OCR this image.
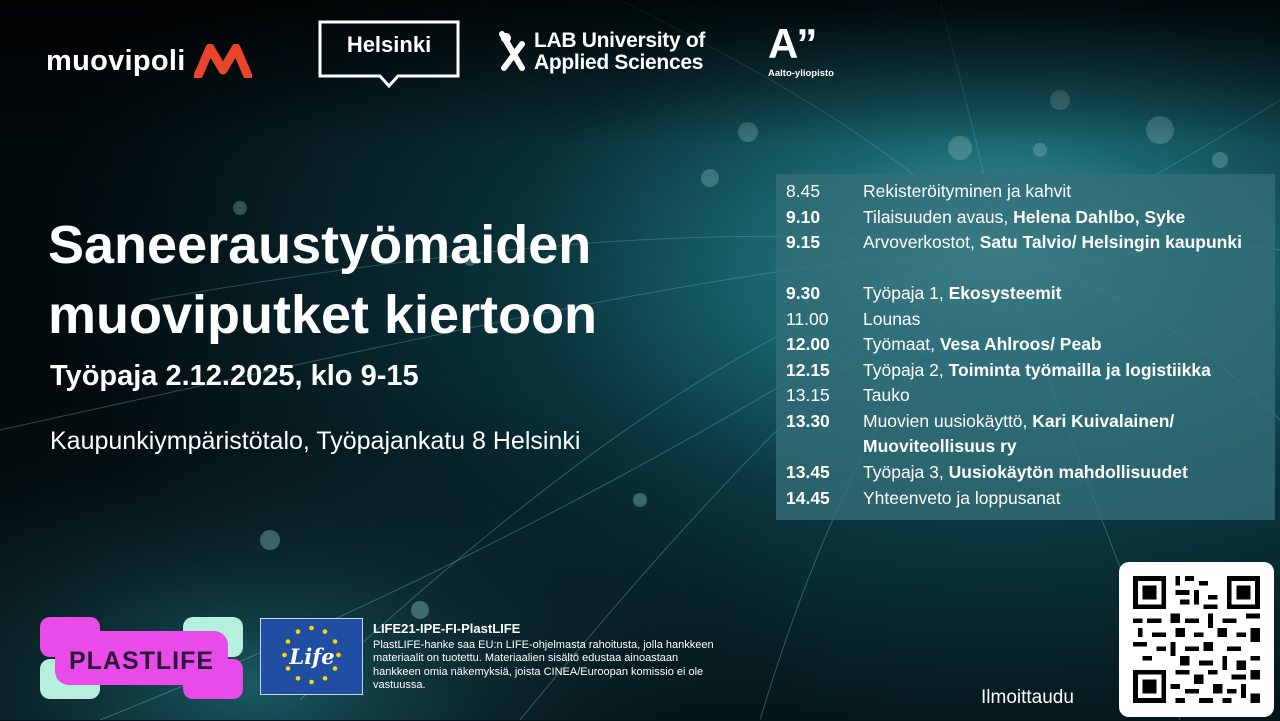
muovipoli	Helsinki	LAB University of
Applied Sciences A”
Aalto-yliopisto
Saneeraustyömaiden
muoviputket kiertoon
Työpaja 2.12.2025, klo 9-15

Kaupunkiympäristötalo, Työpajankatu 8 Helsinki

8.45 Rekisteröityminen ja kahvit
9.10 Tilaisuuden avaus, Helena Dahlbo, Syke
9.15 Arvoverkostot, Satu Talvio/ Helsingin kaupunki
9.30 Työpaja 1, Ekosysteemit
11.00 Lounas
12.00 Työmaat, Vesa Ahlroos/ Peab
12.15 Työpaja 2, Toiminta työmailla ja logistiikka
13.15 Tauko
13.30 Muovien uusiokäyttö, Kari Kuivalainen/ Muoviteollisuus ry
13.45 Työpaja 3, Uusiokäytön mahdollisuudet
14.45 Yhteenveto ja loppusanat
PLASTLIFE	Life

LIFE21-IPE-FI-PlastLIFE

PlastLIFE-hanke saa EU:n LIFE-ohjelmasta rahoitusta, jolla hankkeen materiaalit on tuotettu. Materiaalien sisältö edustaa ainoastaan hankkeen omia näkemyksiä, joista CINEA/Euroopan komissio ei ole vastuussa.

Ilmoittaudu
